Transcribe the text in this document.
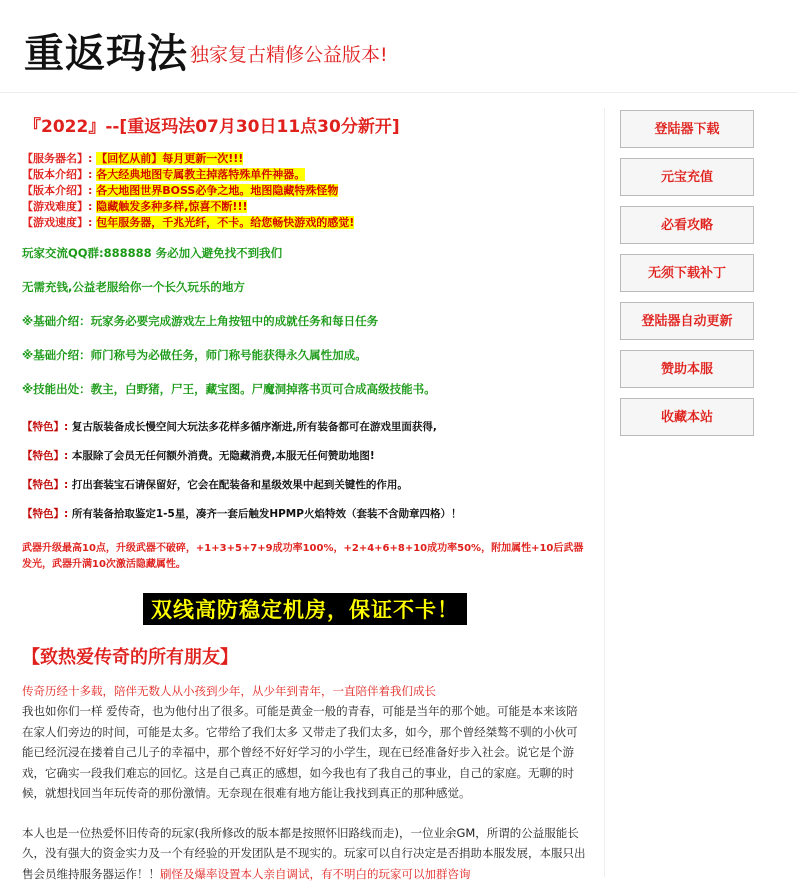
重返玛法 独家复古精修公益版本!
『2022』--[重返玛法07月30日11点30分新开]
【服务器名】: 【回忆从前】每月更新一次!!!
【版本介绍】: 各大经典地图专属教主掉落特殊单件神器。
【版本介绍】: 各大地图世界BOSS必争之地。地图隐藏特殊怪物
【游戏难度】: 隐藏触发多种多样,惊喜不断!!!
【游戏速度】: 包年服务器，千兆光纤，不卡。给您畅快游戏的感觉!
玩家交流QQ群:888888 务必加入避免找不到我们
无需充钱,公益老服给你一个长久玩乐的地方
※基础介绍：玩家务必要完成游戏左上角按钮中的成就任务和每日任务
※基础介绍：师门称号为必做任务，师门称号能获得永久属性加成。
※技能出处：教主，白野猪，尸王，藏宝图。尸魔洞掉落书页可合成高级技能书。
【特色】: 复古版装备成长慢空间大玩法多花样多循序渐进,所有装备都可在游戏里面获得,
【特色】: 本服除了会员无任何额外消费。无隐藏消费,本服无任何赞助地图!
【特色】: 打出套装宝石请保留好，它会在配装备和星级效果中起到关键性的作用。
【特色】: 所有装备拾取鉴定1-5星，凑齐一套后触发HPMP火焰特效（套装不含勋章四格）！
武器升级最高10点，升级武器不破碎，+1+3+5+7+9成功率100%，+2+4+6+8+10成功率50%，附加属性+10后武器发光，武器升满10次激活隐藏属性。
双线高防稳定机房，保证不卡！
【致热爱传奇的所有朋友】
传奇历经十多载，陪伴无数人从小孩到少年，从少年到青年，一直陪伴着我们成长
我也如你们一样 爱传奇，也为他付出了很多。可能是黄金一般的青春，可能是当年的那个她。可能是本来该陪在家人们旁边的时间，可能是太多。它带给了我们太多 又带走了我们太多，如今，那个曾经桀骜不驯的小伙可能已经沉浸在搂着自己儿子的幸福中，那个曾经不好好学习的小学生，现在已经准备好步入社会。说它是个游戏，它确实一段我们难忘的回忆。这是自己真正的感想，如今我也有了我自己的事业，自己的家庭。无聊的时候，就想找回当年玩传奇的那份激情。无奈现在很难有地方能让我找到真正的那种感觉。
本人也是一位热爱怀旧传奇的玩家(我所修改的版本都是按照怀旧路线而走)，一位业余GM，所谓的公益服能长久，没有强大的资金实力及一个有经验的开发团队是不现实的。玩家可以自行决定是否捐助本服发展，本服只出售会员维持服务器运作！！刷怪及爆率设置本人亲自调试，有不明白的玩家可以加群咨询
登陆器下载
元宝充值
必看攻略
无须下载补丁
登陆器自动更新
赞助本服
收藏本站
